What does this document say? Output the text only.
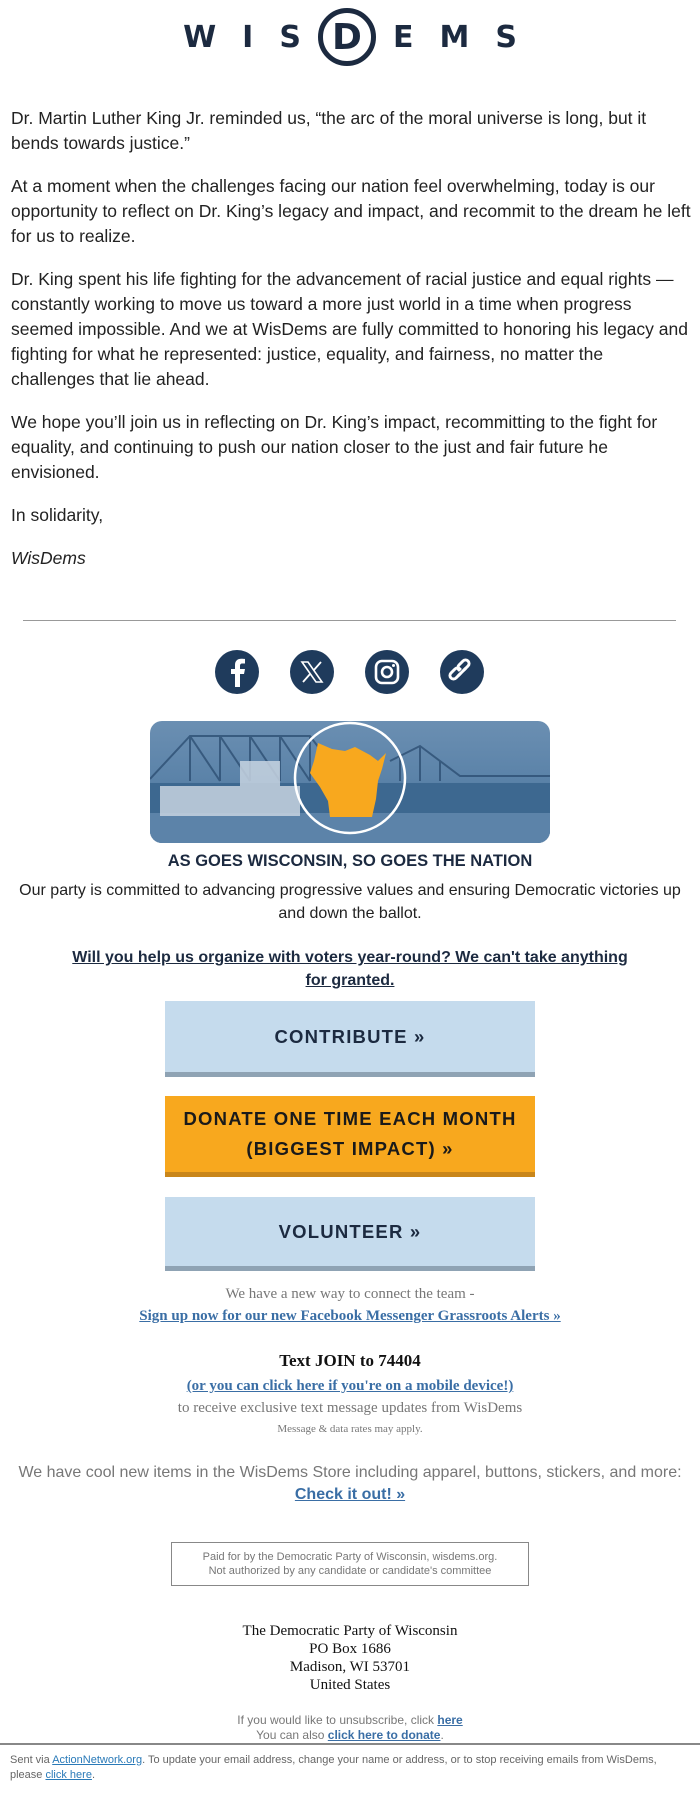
W I S D	E M S

Dr. Martin Luther King Jr. reminded us, “the arc of the moral universe is long, but it bends towards justice.”

At a moment when the challenges facing our nation feel overwhelming, today is our opportunity to reflect on Dr. King’s legacy and impact, and recommit to the dream he left for us to realize.

Dr. King spent his life fighting for the advancement of racial justice and equal rights — constantly working to move us toward a more just world in a time when progress seemed impossible. And we at WisDems are fully committed to honoring his legacy and fighting for what he represented: justice, equality, and fairness, no matter the challenges that lie ahead.

We hope you’ll join us in reflecting on Dr. King’s impact, recommitting to the fight for equality, and continuing to push our nation closer to the just and fair future he envisioned.

In solidarity,

WisDems

AS GOES WISCONSIN, SO GOES THE NATION
Our party is committed to advancing progressive values and ensuring Democratic victories up and down the ballot.
Will you help us organize with voters year-round? We can't take anything for granted.
CONTRIBUTE »
DONATE ONE TIME EACH MONTH (BIGGEST IMPACT) »
VOLUNTEER »
We have a new way to connect the team -
Sign up now for our new Facebook Messenger Grassroots Alerts »
Text JOIN to 74404
(or you can click here if you're on a mobile device!)
to receive exclusive text message updates from WisDems
Message & data rates may apply.
We have cool new items in the WisDems Store including apparel, buttons, stickers, and more:
Check it out! »
Paid for by the Democratic Party of Wisconsin, wisdems.org.
Not authorized by any candidate or candidate's committee
The Democratic Party of Wisconsin
PO Box 1686
Madison, WI 53701
United States
If you would like to unsubscribe, click here
You can also click here to donate.
Sent via ActionNetwork.org. To update your email address, change your name or address, or to stop receiving emails from WisDems, please click here.
